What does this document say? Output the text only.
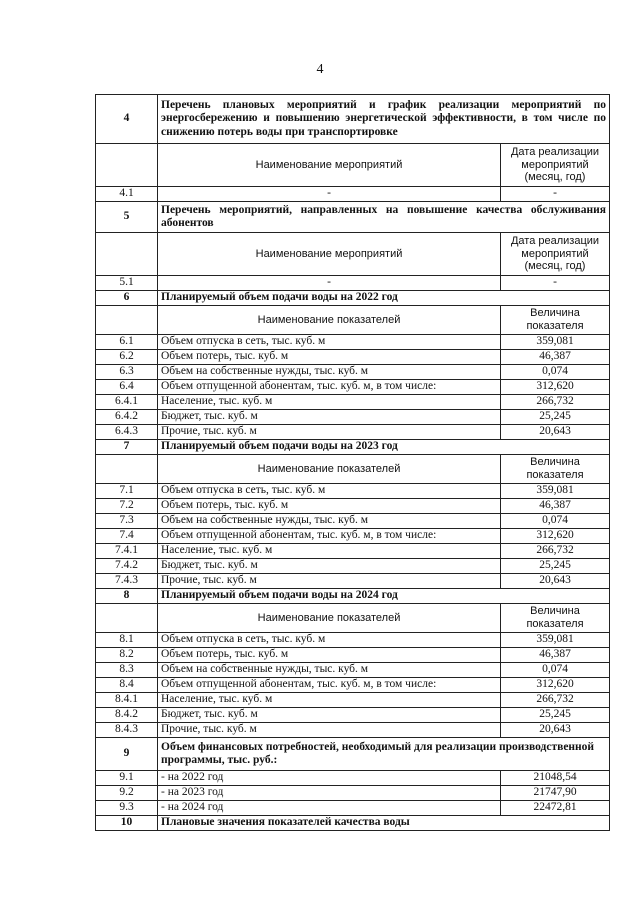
4
4	Перечень плановых мероприятий и график реализации мероприятий по энергосбережению и повышению энергетической эффективности, в том числе по снижению потерь воды при транспортировке	
	Наименование мероприятий	Дата реализации мероприятий (месяц, год)
4.1	-	-
5	Перечень мероприятий, направленных на повышение качества обслуживания абонентов	
	Наименование мероприятий	Дата реализации мероприятий (месяц, год)
5.1	-	-
6	Планируемый объем подачи воды на 2022 год	
	Наименование показателей	Величина показателя
6.1	Объем отпуска в сеть, тыс. куб. м	359,081
6.2	Объем потерь, тыс. куб. м	46,387
6.3	Объем на собственные нужды, тыс. куб. м	0,074
6.4	Объем отпущенной абонентам, тыс. куб. м, в том числе:	312,620
6.4.1	Население, тыс. куб. м	266,732
6.4.2	Бюджет, тыс. куб. м	25,245
6.4.3	Прочие, тыс. куб. м	20,643
7	Планируемый объем подачи воды на 2023 год	
	Наименование показателей	Величина показателя
7.1	Объем отпуска в сеть, тыс. куб. м	359,081
7.2	Объем потерь, тыс. куб. м	46,387
7.3	Объем на собственные нужды, тыс. куб. м	0,074
7.4	Объем отпущенной абонентам, тыс. куб. м, в том числе:	312,620
7.4.1	Население, тыс. куб. м	266,732
7.4.2	Бюджет, тыс. куб. м	25,245
7.4.3	Прочие, тыс. куб. м	20,643
8	Планируемый объем подачи воды на 2024 год	
	Наименование показателей	Величина показателя
8.1	Объем отпуска в сеть, тыс. куб. м	359,081
8.2	Объем потерь, тыс. куб. м	46,387
8.3	Объем на собственные нужды, тыс. куб. м	0,074
8.4	Объем отпущенной абонентам, тыс. куб. м, в том числе:	312,620
8.4.1	Население, тыс. куб. м	266,732
8.4.2	Бюджет, тыс. куб. м	25,245
8.4.3	Прочие, тыс. куб. м	20,643
9	Объем финансовых потребностей, необходимый для реализации производственной программы, тыс. руб.:	
9.1	- на 2022 год	21048,54
9.2	- на 2023 год	21747,90
9.3	- на 2024 год	22472,81
10	Плановые значения показателей качества воды	
